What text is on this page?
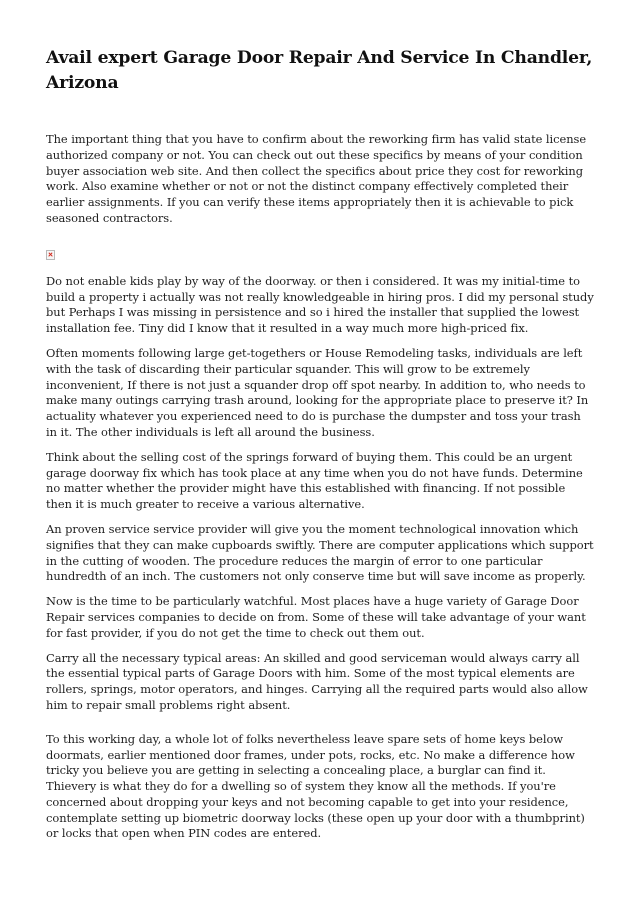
Avail expert Garage Door Repair And Service In Chandler, Arizona

The important thing that you have to confirm about the reworking firm has valid state license authorized company or not. You can check out out these specifics by means of your condition buyer association web site. And then collect the specifics about price they cost for reworking work. Also examine whether or not or not the distinct company effectively completed their earlier assignments. If you can verify these items appropriately then it is achievable to pick seasoned contractors.

Do not enable kids play by way of the doorway. or then i considered. It was my initial-time to build a property i actually was not really knowledgeable in hiring pros. I did my personal study but Perhaps I was missing in persistence and so i hired the installer that supplied the lowest installation fee. Tiny did I know that it resulted in a way much more high-priced fix.

Often moments following large get-togethers or House Remodeling tasks, individuals are left with the task of discarding their particular squander. This will grow to be extremely inconvenient, If there is not just a squander drop off spot nearby. In addition to, who needs to make many outings carrying trash around, looking for the appropriate place to preserve it? In actuality whatever you experienced need to do is purchase the dumpster and toss your trash in it. The other individuals is left all around the business.

Think about the selling cost of the springs forward of buying them. This could be an urgent garage doorway fix which has took place at any time when you do not have funds. Determine no matter whether the provider might have this established with financing. If not possible then it is much greater to receive a various alternative.

An proven service service provider will give you the moment technological innovation which signifies that they can make cupboards swiftly. There are computer applications which support in the cutting of wooden. The procedure reduces the margin of error to one particular hundredth of an inch. The customers not only conserve time but will save income as properly.

Now is the time to be particularly watchful. Most places have a huge variety of Garage Door Repair services companies to decide on from. Some of these will take advantage of your want for fast provider, if you do not get the time to check out them out.

Carry all the necessary typical areas: An skilled and good serviceman would always carry all the essential typical parts of Garage Doors with him. Some of the most typical elements are rollers, springs, motor operators, and hinges. Carrying all the required parts would also allow him to repair small problems right absent.

To this working day, a whole lot of folks nevertheless leave spare sets of home keys below doormats, earlier mentioned door frames, under pots, rocks, etc. No make a difference how tricky you believe you are getting in selecting a concealing place, a burglar can find it. Thievery is what they do for a dwelling so of system they know all the methods. If you're concerned about dropping your keys and not becoming capable to get into your residence, contemplate setting up biometric doorway locks (these open up your door with a thumbprint) or locks that open when PIN codes are entered.
